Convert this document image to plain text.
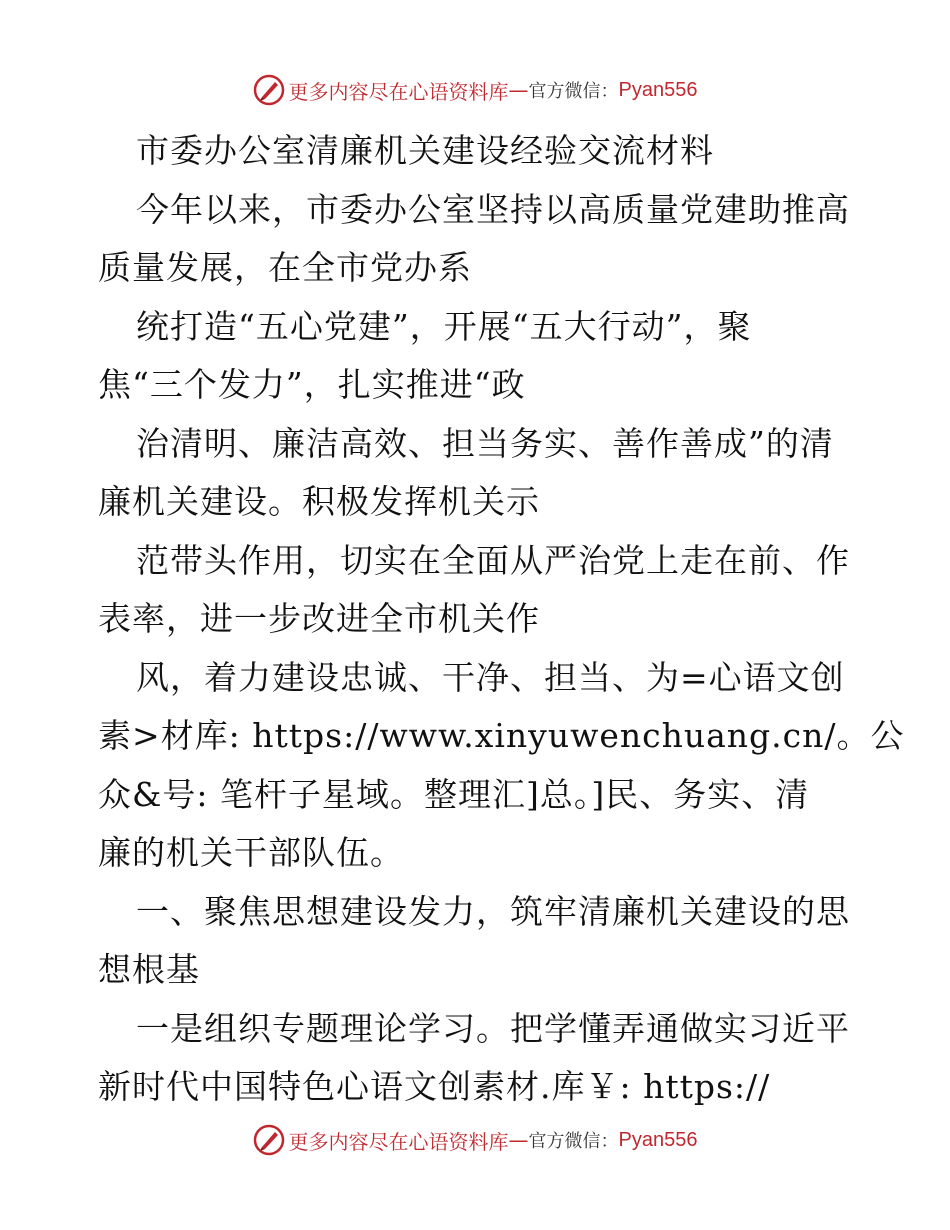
更多内容尽在心语资料库 — 官方微信： Pyan556
市委办公室清廉机关建设经验交流材料
今年以来，市委办公室坚持以高质量党建助推高
质量发展，在全市党办系
统打造“五心党建”，开展“五大行动”，聚
焦“三个发力”，扎实推进“政
治清明、廉洁高效、担当务实、善作善成”的清
廉机关建设。积极发挥机关示
范带头作用，切实在全面从严治党上走在前、作
表率，进一步改进全市机关作
风，着力建设忠诚、干净、担当、为=心语文创
素>材库: https://www.xinyuwenchuang.cn/。公
众&号: 笔杆子星域。整理汇]总。]民、务实、清
廉的机关干部队伍。
一、聚焦思想建设发力，筑牢清廉机关建设的思
想根基
一是组织专题理论学习。把学懂弄通做实习近平
新时代中国特色心语文创素材.库￥: https://
更多内容尽在心语资料库 — 官方微信： Pyan556
